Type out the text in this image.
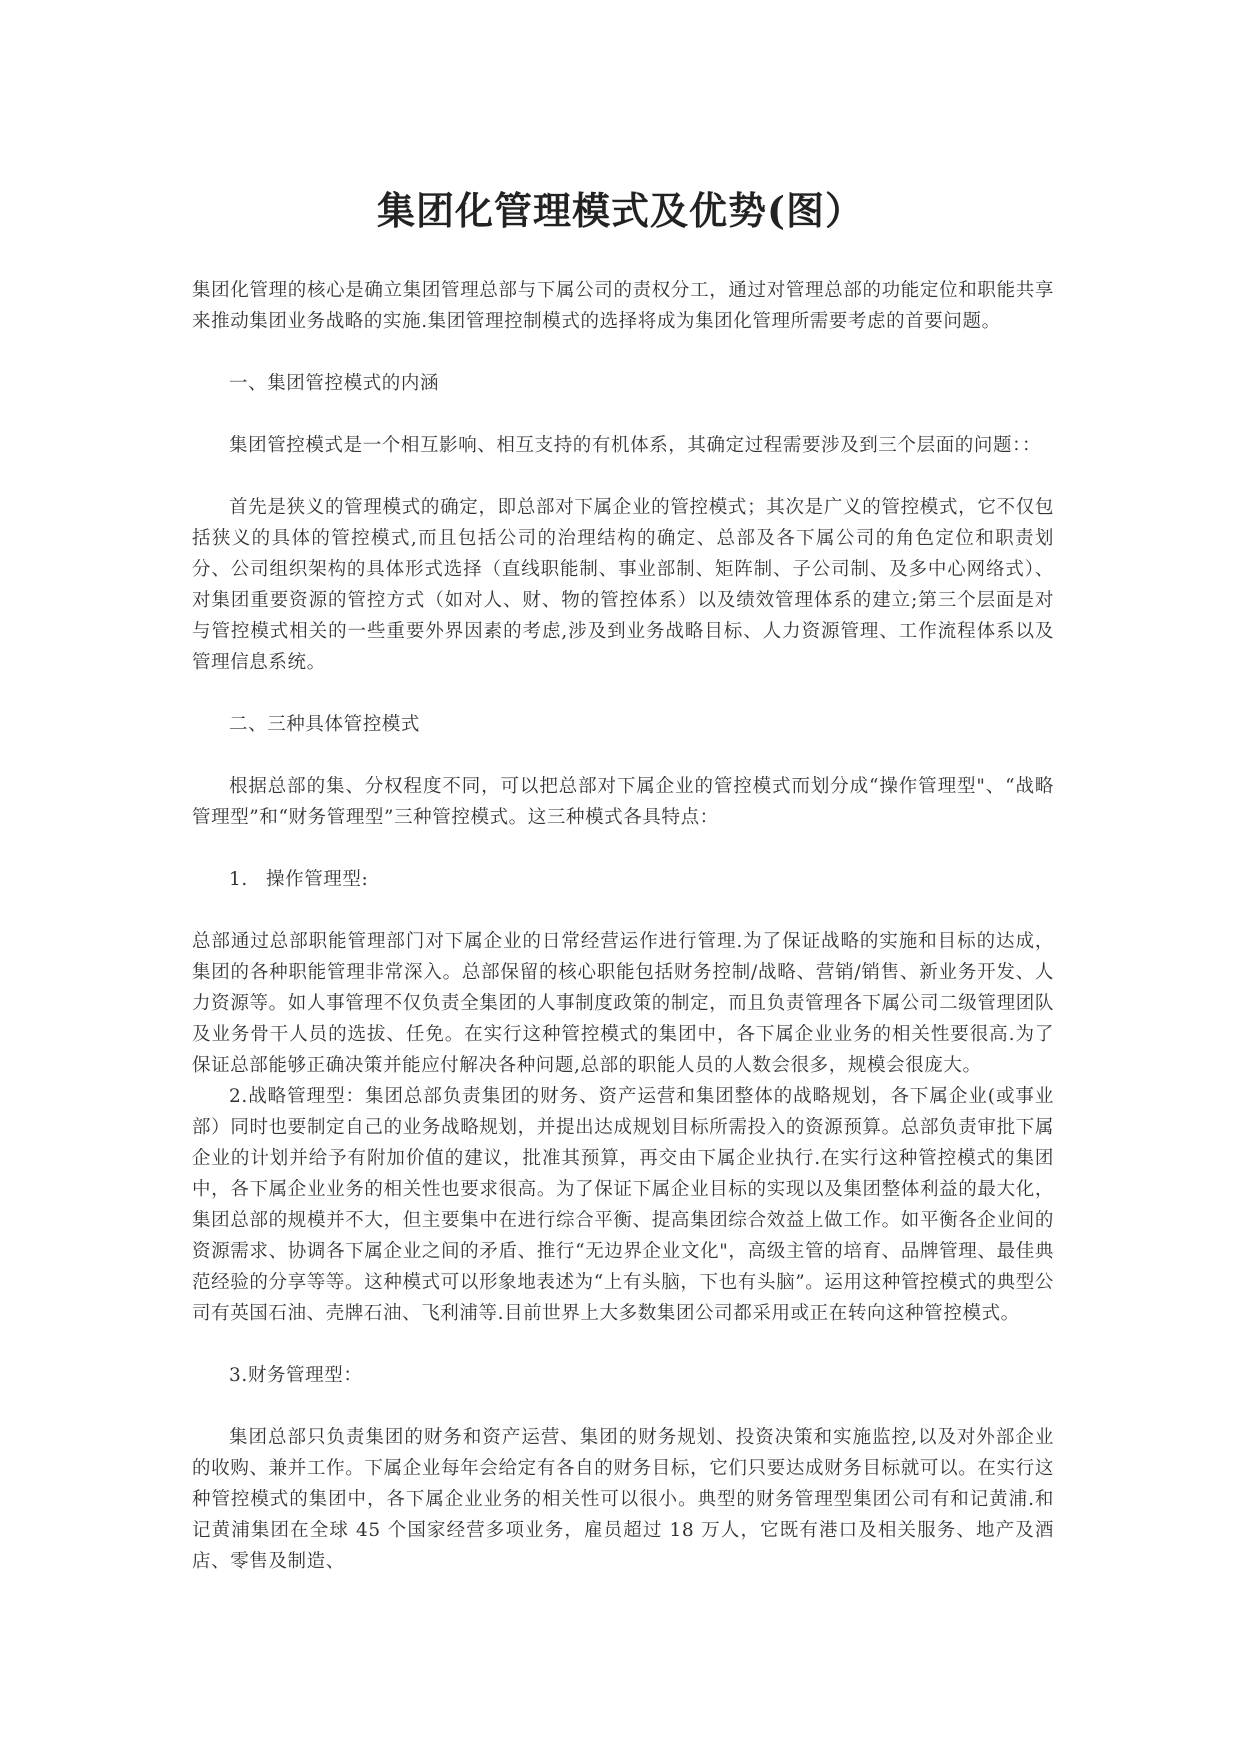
集团化管理模式及优势(图）

集团化管理的核心是确立集团管理总部与下属公司的责权分工，通过对管理总部的功能定位和职能共享来推动集团业务战略的实施.集团管理控制模式的选择将成为集团化管理所需要考虑的首要问题。

一、集团管控模式的内涵

集团管控模式是一个相互影响、相互支持的有机体系，其确定过程需要涉及到三个层面的问题：：

首先是狭义的管理模式的确定，即总部对下属企业的管控模式；其次是广义的管控模式，它不仅包括狭义的具体的管控模式,而且包括公司的治理结构的确定、总部及各下属公司的角色定位和职责划分、公司组织架构的具体形式选择（直线职能制、事业部制、矩阵制、子公司制、及多中心网络式）、对集团重要资源的管控方式（如对人、财、物的管控体系）以及绩效管理体系的建立;第三个层面是对与管控模式相关的一些重要外界因素的考虑,涉及到业务战略目标、人力资源管理、工作流程体系以及管理信息系统。

二、三种具体管控模式

根据总部的集、分权程度不同，可以把总部对下属企业的管控模式而划分成“操作管理型"、“战略管理型”和“财务管理型”三种管控模式。这三种模式各具特点：

1. 操作管理型:

总部通过总部职能管理部门对下属企业的日常经营运作进行管理.为了保证战略的实施和目标的达成，集团的各种职能管理非常深入。总部保留的核心职能包括财务控制/战略、营销/销售、新业务开发、人力资源等。如人事管理不仅负责全集团的人事制度政策的制定，而且负责管理各下属公司二级管理团队及业务骨干人员的选拔、任免。在实行这种管控模式的集团中，各下属企业业务的相关性要很高.为了保证总部能够正确决策并能应付解决各种问题,总部的职能人员的人数会很多，规模会很庞大。

2.战略管理型：集团总部负责集团的财务、资产运营和集团整体的战略规划，各下属企业(或事业部）同时也要制定自己的业务战略规划，并提出达成规划目标所需投入的资源预算。总部负责审批下属企业的计划并给予有附加价值的建议，批准其预算，再交由下属企业执行.在实行这种管控模式的集团中，各下属企业业务的相关性也要求很高。为了保证下属企业目标的实现以及集团整体利益的最大化，集团总部的规模并不大，但主要集中在进行综合平衡、提高集团综合效益上做工作。如平衡各企业间的资源需求、协调各下属企业之间的矛盾、推行“无边界企业文化"，高级主管的培育、品牌管理、最佳典范经验的分享等等。这种模式可以形象地表述为“上有头脑，下也有头脑”。运用这种管控模式的典型公司有英国石油、壳牌石油、飞利浦等.目前世界上大多数集团公司都采用或正在转向这种管控模式。

3.财务管理型：

集团总部只负责集团的财务和资产运营、集团的财务规划、投资决策和实施监控,以及对外部企业的收购、兼并工作。下属企业每年会给定有各自的财务目标，它们只要达成财务目标就可以。在实行这种管控模式的集团中，各下属企业业务的相关性可以很小。典型的财务管理型集团公司有和记黄浦.和记黄浦集团在全球 45 个国家经营多项业务，雇员超过 18 万人，它既有港口及相关服务、地产及酒店、零售及制造、
